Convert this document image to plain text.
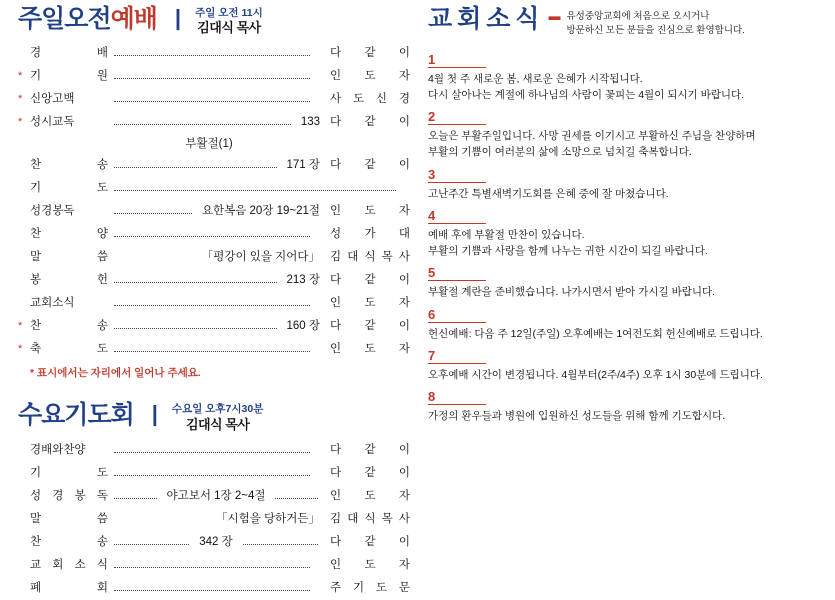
주일오전예배 | 주일 오전 11시
김대식 목사
경	배	다 같 이
* 기	원	인 도 자
* 신앙고백	사 도 신 경
* 성시교독	133 다 같 이
부활절(1)
찬	송	171 장 다 같 이
기	도
성경봉독	요한복음 20장 19~21절 인 도 자
찬	양	성 가 대
말	씀	「평강이 있을 지어다」 김 대 식 목 사
봉	헌	213 장 다 같 이
교회소식	인 도 자
* 찬	송	160 장 다 같 이
* 축	도	인 도 자
* 표시에서는 자리에서 일어나 주세요.
수요기도회 | 수요일 오후7시30분
김대식 목사
경배와찬양	다 같 이
기	도	다 같 이
성 경 봉 독	야고보서 1장 2~4절	인 도 자
말	씀	「시험을 당하거든」 김 대 식 목 사
찬	송	342 장	다 같 이
교 회 소 식	인 도 자
폐	회	주 기 도 문
교 회 소 식 ▬ 유성중앙교회에 처음으로 오시거나
방문하신 모든 분들을 진심으로 환영합니다.
1
4월 첫 주 새로운 봄, 새로운 은혜가 시작됩니다.
다시 살아나는 계절에 하나님의 사람이 꽃피는 4월이 되시기 바랍니다.
2
오늘은 부활주일입니다. 사망 권세를 이기시고 부활하신 주님을 찬양하며
부활의 기쁨이 여러분의 삶에 소망으로 넘치길 축복합니다.
3
고난주간 특별새벽기도회를 은혜 중에 잘 마쳤습니다.
4
예배 후에 부활절 만찬이 있습니다.
부활의 기쁨과 사랑을 함께 나누는 귀한 시간이 되길 바랍니다.
5
부활절 계란을 준비했습니다. 나가시면서 받아 가시길 바랍니다.
6
헌신예배: 다음 주 12일(주일) 오후예배는 1여전도회 헌신예배로 드립니다.
7
오후예배 시간이 변경됩니다. 4월부터(2주/4주) 오후 1시 30분에 드립니다.
8
가정의 환우들과 병원에 입원하신 성도들을 위해 함께 기도합시다.
